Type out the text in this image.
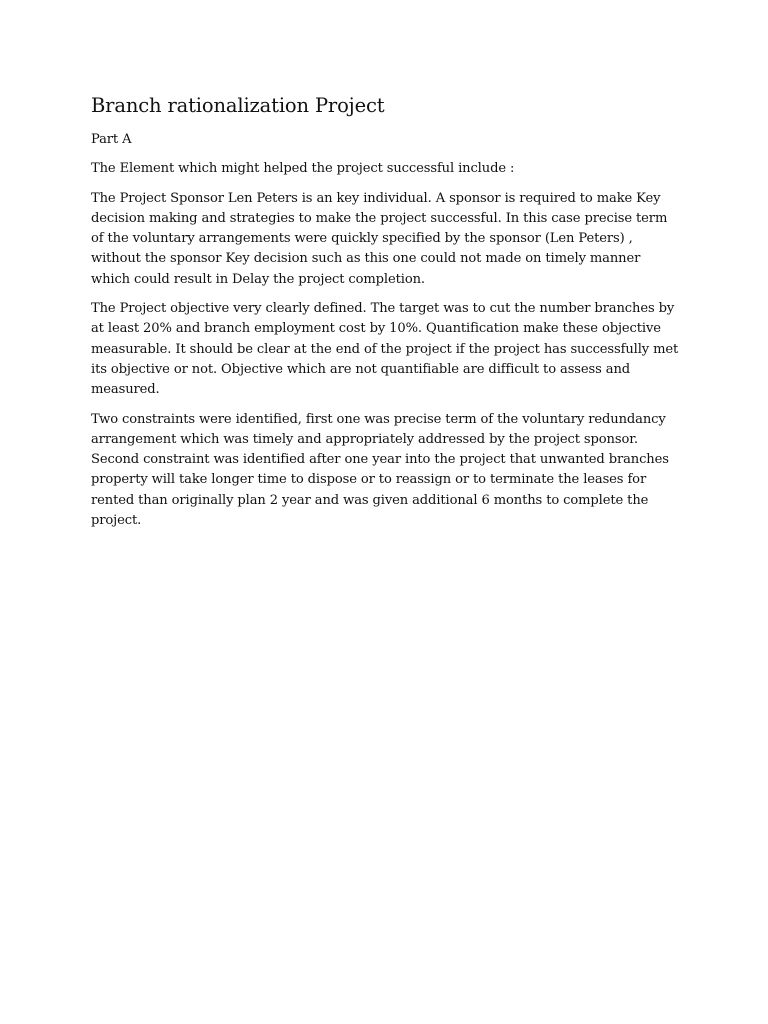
Branch rationalization Project

Part A

The Element which might helped the project successful include :

The Project Sponsor Len Peters is an key individual. A sponsor is required to make Key decision making and strategies to make the project successful. In this case precise term of the voluntary arrangements were quickly specified by the sponsor (Len Peters) , without the sponsor Key decision such as this one could not made on timely manner which could result in Delay the project completion.

The Project objective very clearly defined. The target was to cut the number branches by at least 20% and branch employment cost by 10%. Quantification make these objective measurable. It should be clear at the end of the project if the project has successfully met its objective or not. Objective which are not quantifiable are difficult to assess and measured.

Two constraints were identified, first one was precise term of the voluntary redundancy arrangement which was timely and appropriately addressed by the project sponsor. Second constraint was identified after one year into the project that unwanted branches property will take longer time to dispose or to reassign or to terminate the leases for rented than originally plan 2 year and was given additional 6 months to complete the project.
